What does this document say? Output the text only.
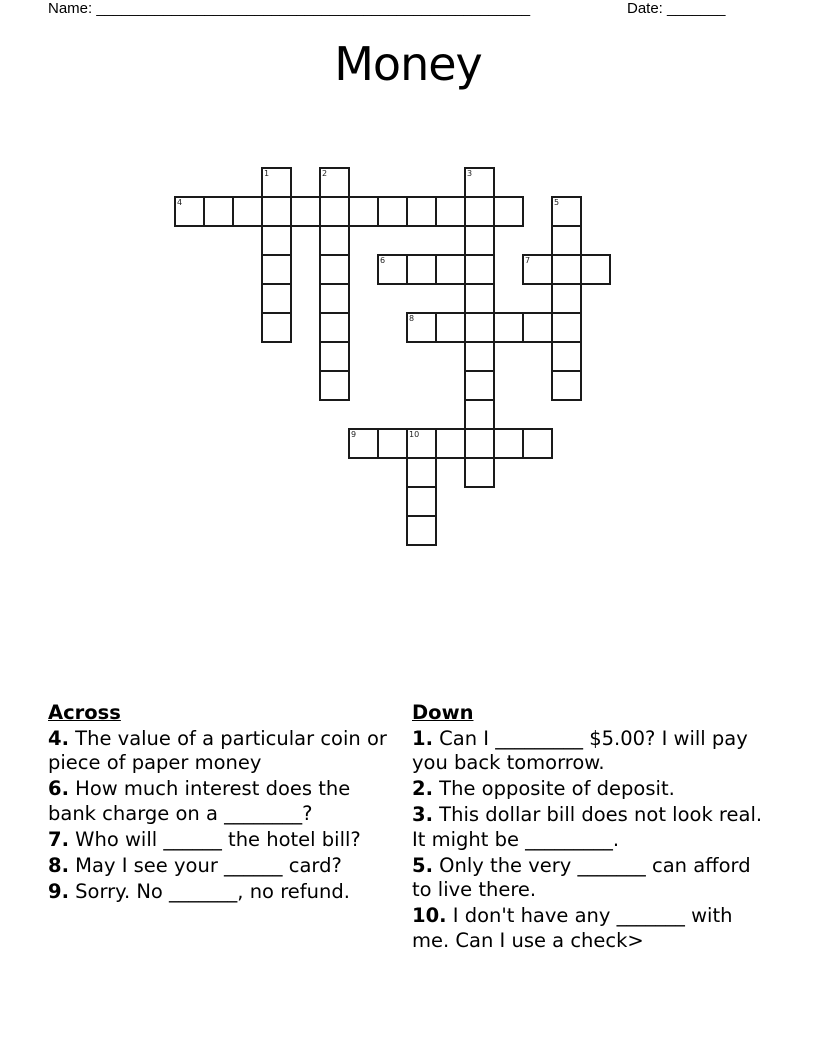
Name: ____________________________________________________	Date: _______
Money
1	2	3
4	5
6	7
8
9	10
Across
4. The value of a particular coin or piece of paper money
6. How much interest does the bank charge on a ________?
7. Who will ______ the hotel bill?
8. May I see your ______ card?
9. Sorry. No _______, no refund.
Down
1. Can I _________ $5.00? I will pay you back tomorrow.
2. The opposite of deposit.
3. This dollar bill does not look real. It might be _________.
5. Only the very _______ can afford to live there.
10. I don't have any _______ with me. Can I use a check>
